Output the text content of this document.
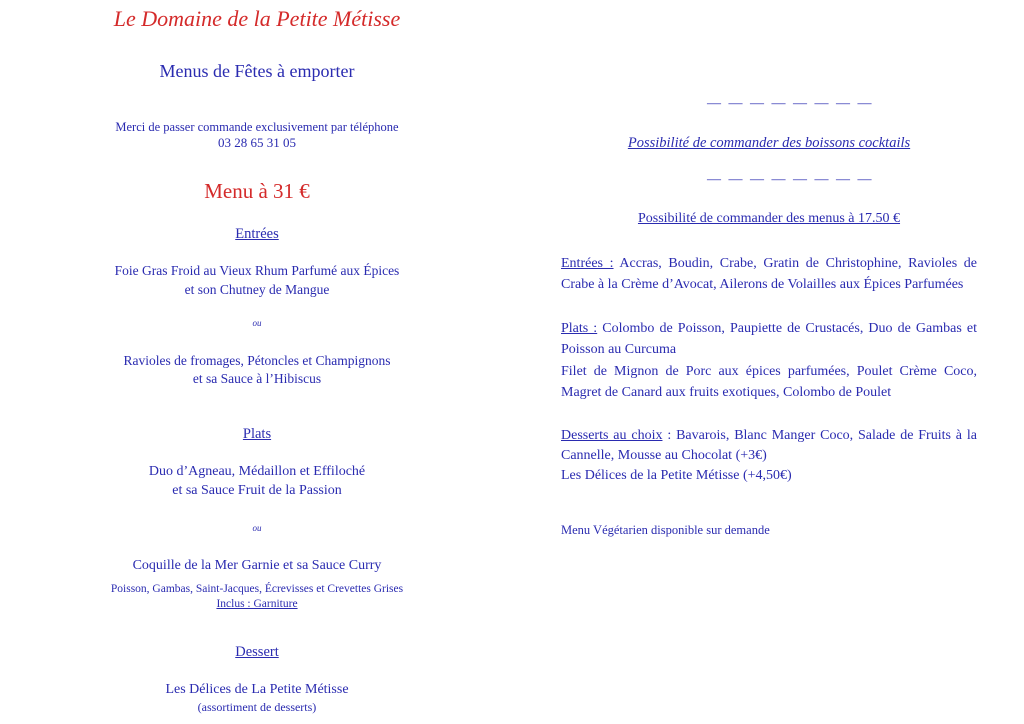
Le Domaine de la Petite Métisse
Menus de Fêtes à emporter
Merci de passer commande exclusivement par téléphone
03 28 65 31 05
Menu à 31 €
Entrées
Foie Gras Froid au Vieux Rhum Parfumé aux Épices
et son Chutney de Mangue
ou
Ravioles de fromages, Pétoncles et Champignons
et sa Sauce à l’Hibiscus
Plats
Duo d’Agneau, Médaillon et Effiloché
et sa Sauce Fruit de la Passion
ou
Coquille de la Mer Garnie et sa Sauce Curry
Poisson, Gambas, Saint-Jacques, Écrevisses et Crevettes Grises
Inclus : Garniture
Dessert
Les Délices de La Petite Métisse
(assortiment de desserts)
— — — — — — — —
Possibilité de commander des boissons cocktails
— — — — — — — —
Possibilité de commander des menus à 17.50 €
Entrées : Accras, Boudin, Crabe, Gratin de Christophine, Ravioles de Crabe à la Crème d’Avocat, Ailerons de Volailles aux Épices Parfumées
Plats : Colombo de Poisson, Paupiette de Crustacés, Duo de Gambas et Poisson au Curcuma
Filet de Mignon de Porc aux épices parfumées, Poulet Crème Coco, Magret de Canard aux fruits exotiques, Colombo de Poulet
Desserts au choix : Bavarois, Blanc Manger Coco, Salade de Fruits à la Cannelle, Mousse au Chocolat (+3€)
Les Délices de la Petite Métisse (+4,50€)
Menu Végétarien disponible sur demande
